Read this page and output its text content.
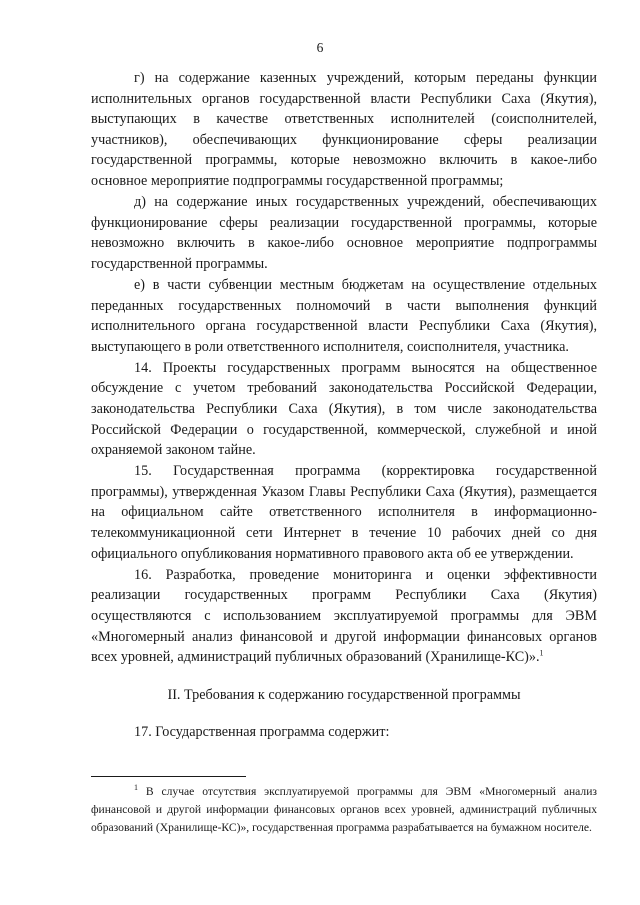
6

г) на содержание казенных учреждений, которым переданы функции исполнительных органов государственной власти Республики Саха (Якутия), выступающих в качестве ответственных исполнителей (соисполнителей, участников), обеспечивающих функционирование сферы реализации государственной программы, которые невозможно включить в какое-либо основное мероприятие подпрограммы государственной программы;

д) на содержание иных государственных учреждений, обеспечивающих функционирование сферы реализации государственной программы, которые невозможно включить в какое-либо основное мероприятие подпрограммы государственной программы.

е) в части субвенции местным бюджетам на осуществление отдельных переданных государственных полномочий в части выполнения функций исполнительного органа государственной власти Республики Саха (Якутия), выступающего в роли ответственного исполнителя, соисполнителя, участника.

14. Проекты государственных программ выносятся на общественное обсуждение с учетом требований законодательства Российской Федерации, законодательства Республики Саха (Якутия), в том числе законодательства Российской Федерации о государственной, коммерческой, служебной и иной охраняемой законом тайне.

15. Государственная программа (корректировка государственной программы), утвержденная Указом Главы Республики Саха (Якутия), размещается на официальном сайте ответственного исполнителя в информационно-телекоммуникационной сети Интернет в течение 10 рабочих дней со дня официального опубликования нормативного правового акта об ее утверждении.

16. Разработка, проведение мониторинга и оценки эффективности реализации государственных программ Республики Саха (Якутия) осуществляются с использованием эксплуатируемой программы для ЭВМ «Многомерный анализ финансовой и другой информации финансовых органов всех уровней, администраций публичных образований (Хранилище-КС)».$^1$

II. Требования к содержанию государственной программы

17. Государственная программа содержит:

$^1$ В случае отсутствия эксплуатируемой программы для ЭВМ «Многомерный анализ финансовой и другой информации финансовых органов всех уровней, администраций публичных образований (Хранилище-КС)», государственная программа разрабатывается на бумажном носителе.
